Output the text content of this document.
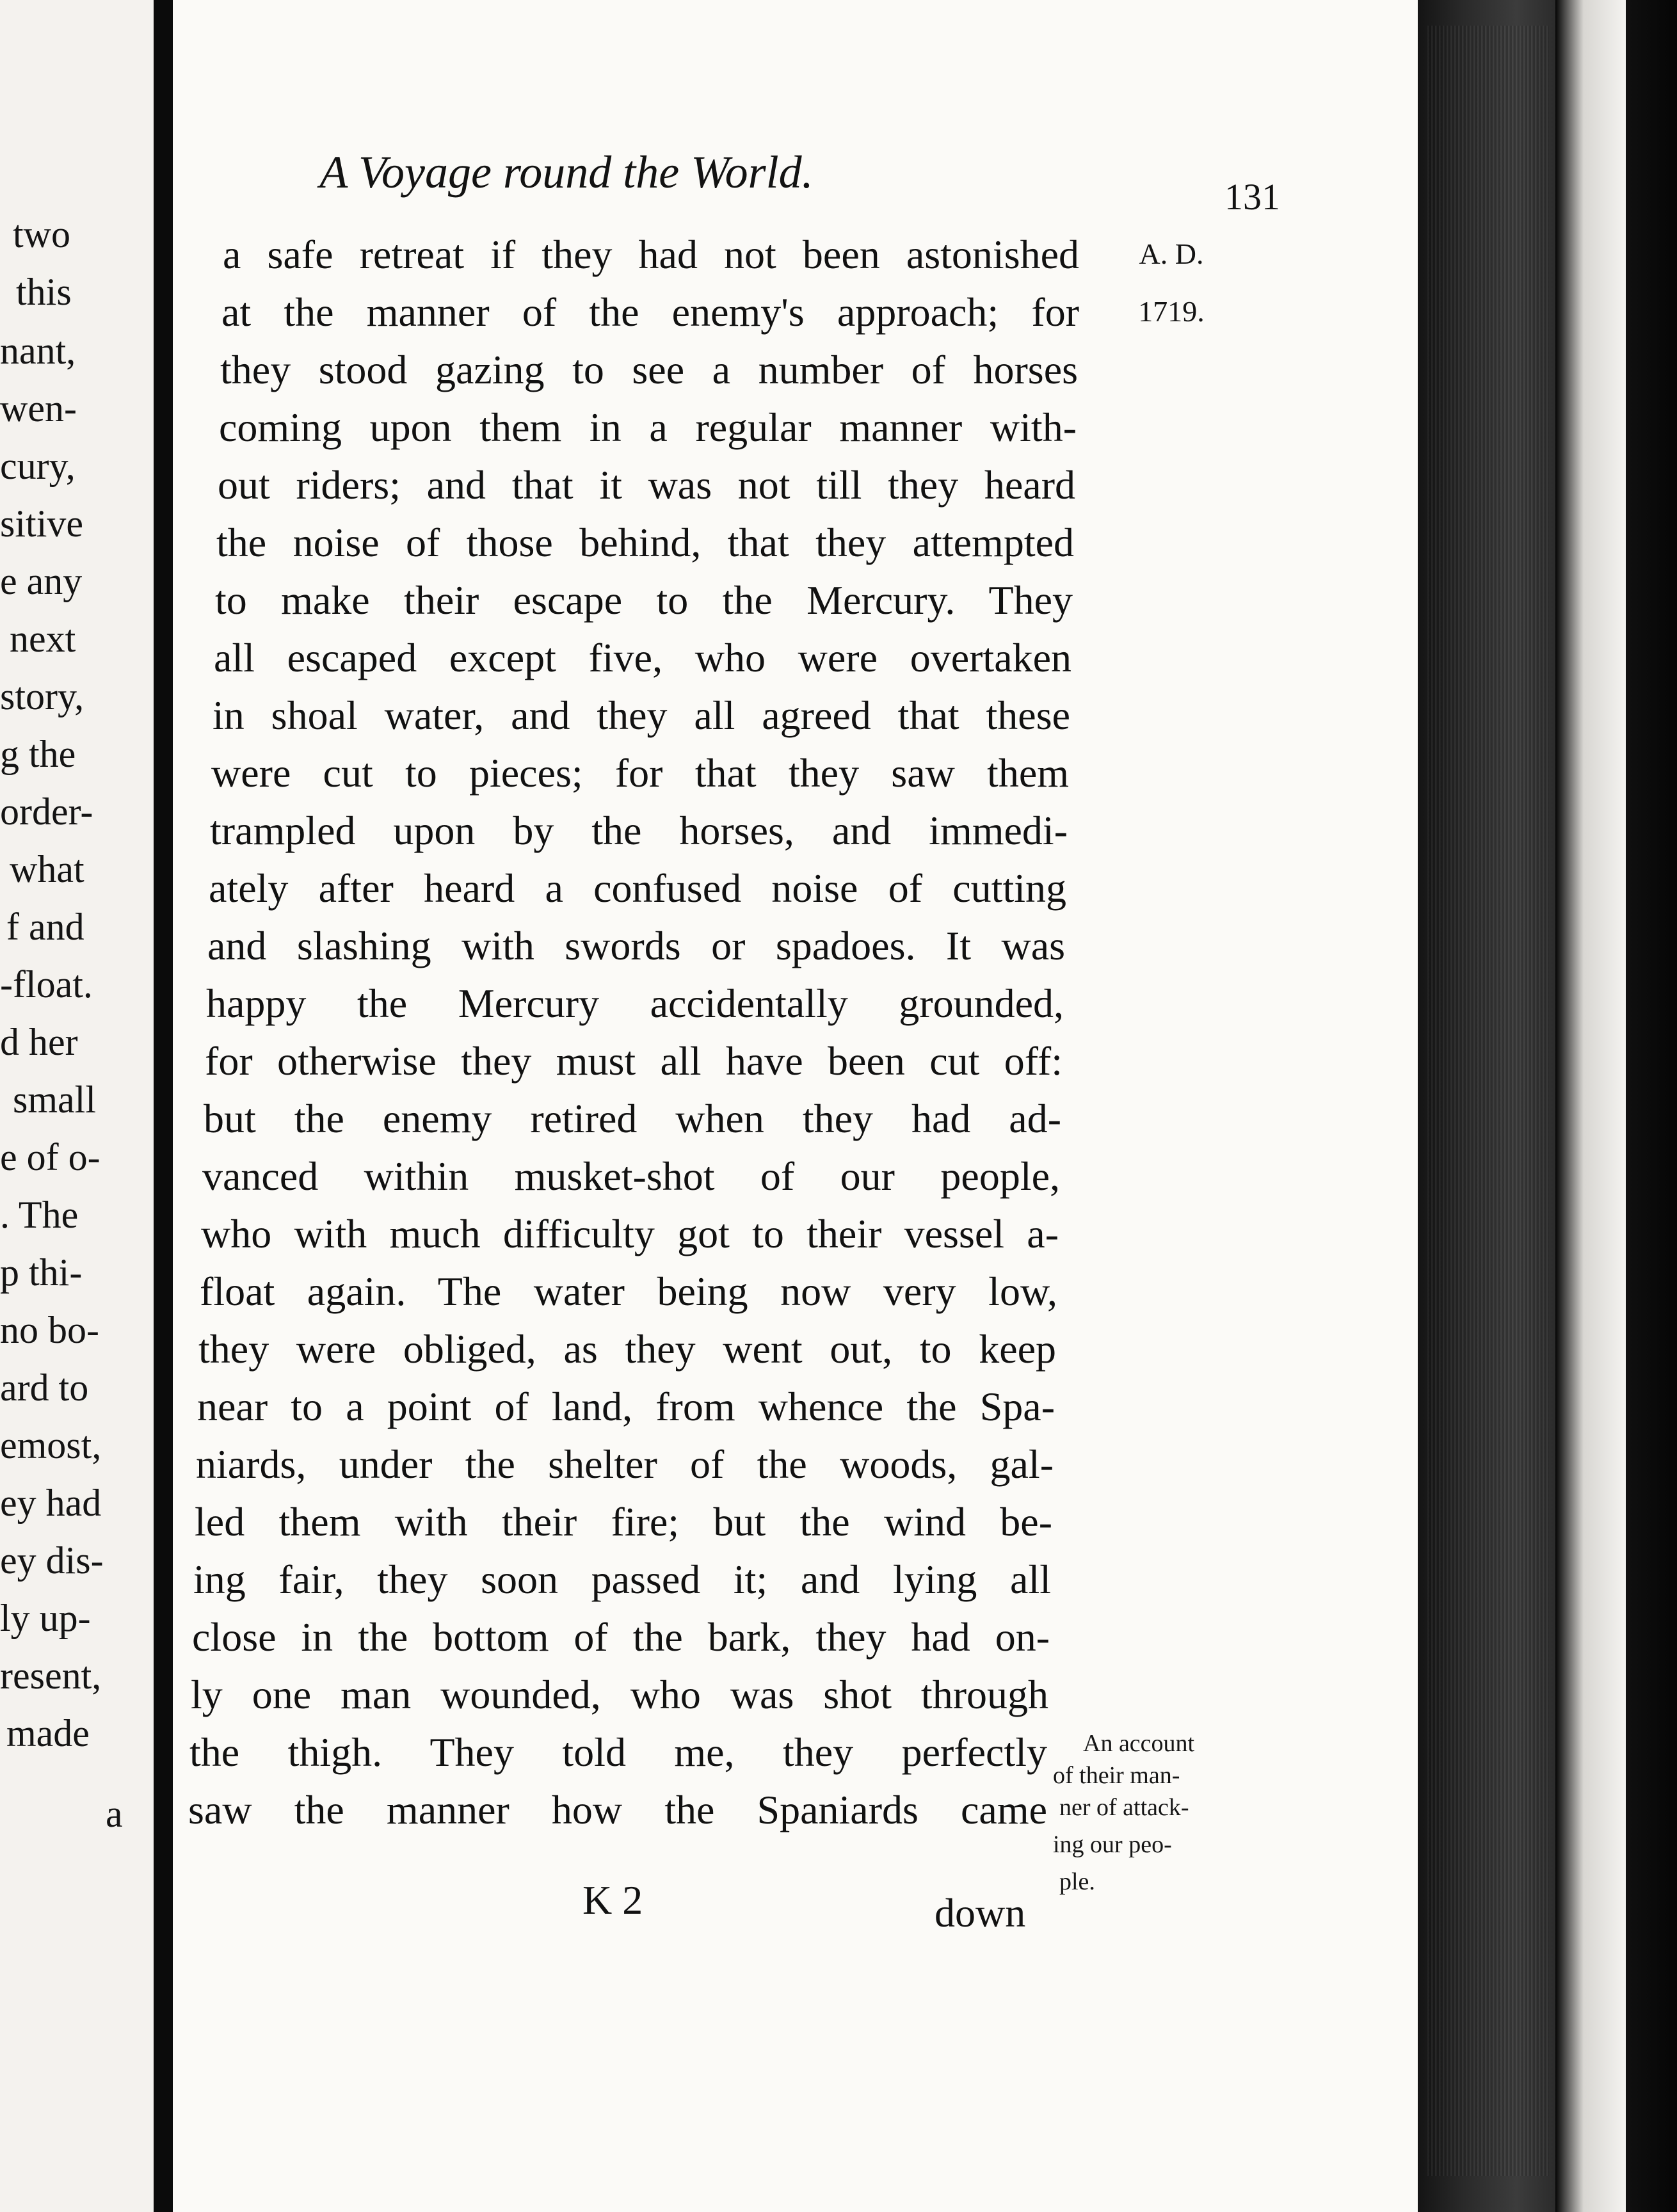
two
this
nant,
wen-
cury,
sitive
e any
next
story,
g the
order-
what
f and
-float.
d her
small
e of o-
. The
p thi-
no bo-
ard to
emost,
ey had
ey dis-
ly up-
resent,
made
a
A Voyage round the World.	131
A. D.
1719.
a safe retreat if they had not been astonished
at the manner of the enemy's approach; for
they stood gazing to see a number of horses
coming upon them in a regular manner with-
out riders; and that it was not till they heard
the noise of those behind, that they attempted
to make their escape to the Mercury. They
all escaped except five, who were overtaken
in shoal water, and they all agreed that these
were cut to pieces; for that they saw them
trampled upon by the horses, and immedi-
ately after heard a confused noise of cutting
and slashing with swords or spadoes. It was
happy the Mercury accidentally grounded,
for otherwise they must all have been cut off:
but the enemy retired when they had ad-
vanced within musket-shot of our people,
who with much difficulty got to their vessel a-
float again. The water being now very low,
they were obliged, as they went out, to keep
near to a point of land, from whence the Spa-
niards, under the shelter of the woods, gal-
led them with their fire; but the wind be-
ing fair, they soon passed it; and lying all
close in the bottom of the bark, they had on-
ly one man wounded, who was shot through
the thigh. They told me, they perfectly
saw the manner how the Spaniards came
An account
of their man-
ner of attack-
ing our peo-
ple.
K 2	down
